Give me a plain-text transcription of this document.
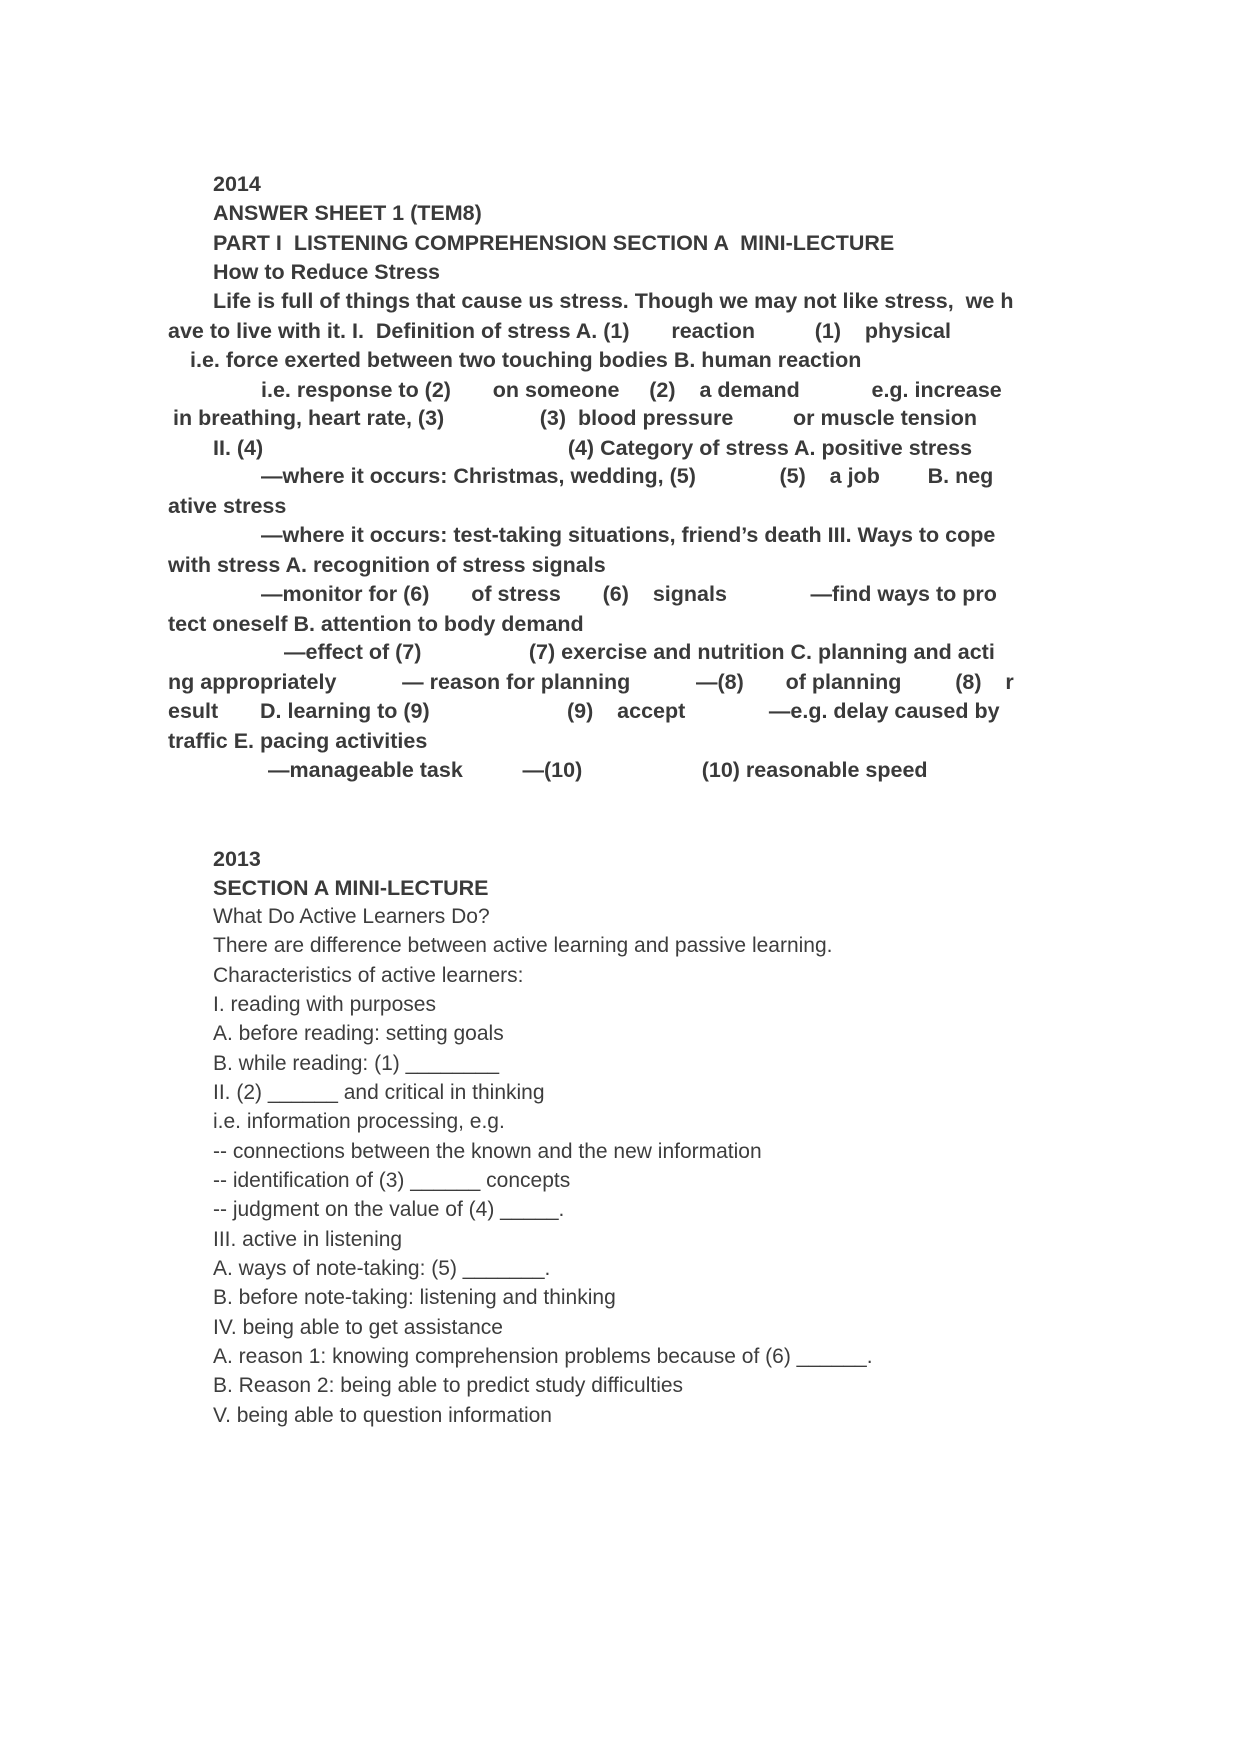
2014
ANSWER SHEET 1 (TEM8)
PART I  LISTENING COMPREHENSION SECTION A  MINI-LECTURE
How to Reduce Stress
Life is full of things that cause us stress. Though we may not like stress,  we h
ave to live with it. I.  Definition of stress A. (1)       reaction          (1)    physical
i.e. force exerted between two touching bodies B. human reaction
i.e. response to (2)       on someone     (2)    a demand            e.g. increase
in breathing, heart rate, (3)                (3)  blood pressure          or muscle tension
II. (4)                                                   (4) Category of stress A. positive stress
—where it occurs: Christmas, wedding, (5)              (5)    a job        B. neg
ative stress
—where it occurs: test-taking situations, friend’s death III. Ways to cope
with stress A. recognition of stress signals
—monitor for (6)       of stress       (6)    signals              —find ways to pro
tect oneself B. attention to body demand
—effect of (7)                  (7) exercise and nutrition C. planning and acti
ng appropriately           — reason for planning           —(8)       of planning         (8)    r
esult       D. learning to (9)                       (9)    accept              —e.g. delay caused by
traffic E. pacing activities
—manageable task          —(10)                    (10) reasonable speed
2013
SECTION A MINI-LECTURE
What Do Active Learners Do?
There are difference between active learning and passive learning.
Characteristics of active learners:
I. reading with purposes
A. before reading: setting goals
B. while reading: (1) ________
II. (2) ______ and critical in thinking
i.e. information processing, e.g.
-- connections between the known and the new information
-- identification of (3) ______ concepts
-- judgment on the value of (4) _____.
III. active in listening
A. ways of note-taking: (5) _______.
B. before note-taking: listening and thinking
IV. being able to get assistance
A. reason 1: knowing comprehension problems because of (6) ______.
B. Reason 2: being able to predict study difficulties
V. being able to question information
